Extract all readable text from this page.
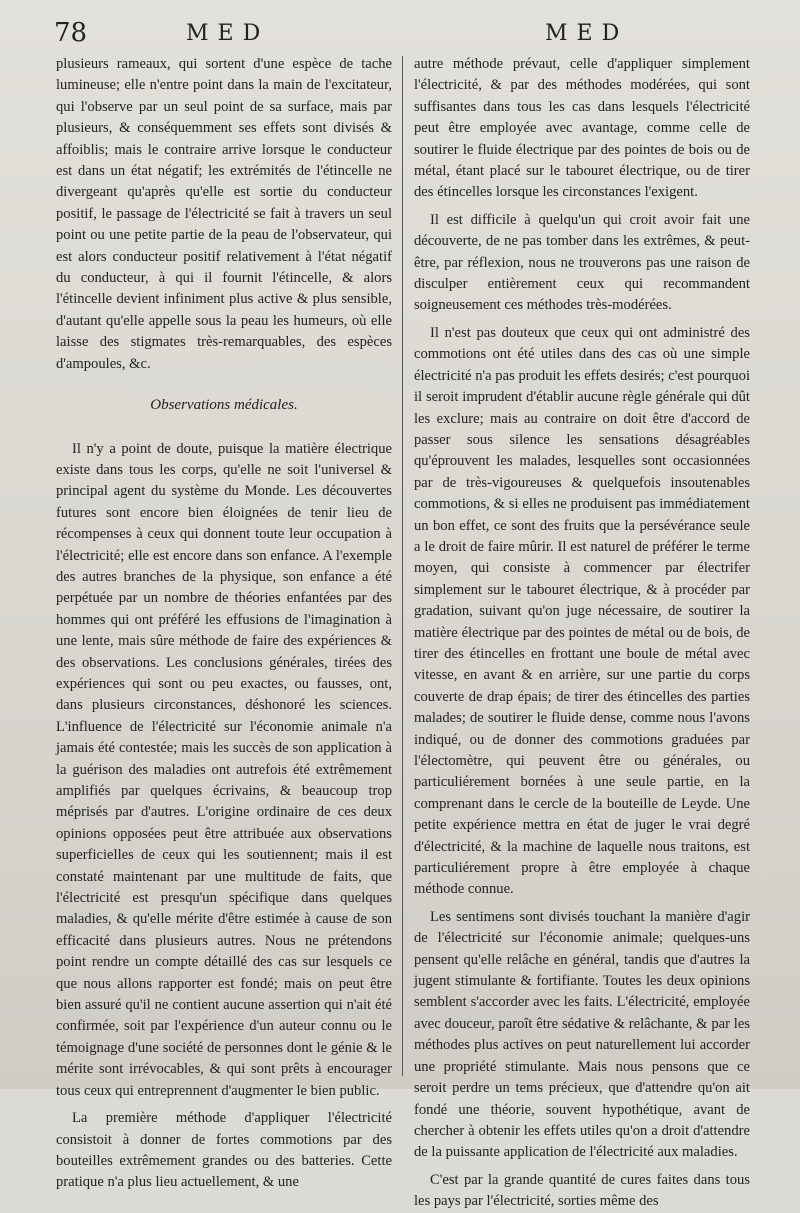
78	MED	MED

plusieurs rameaux, qui sortent d'une espèce de tache lumineuse; elle n'entre point dans la main de l'excitateur, qui l'observe par un seul point de sa surface, mais par plusieurs, & conséquemment ses effets sont divisés & affoiblis; mais le contraire arrive lorsque le conducteur est dans un état négatif; les extrémités de l'étincelle ne divergeant qu'après qu'elle est sortie du conducteur positif, le passage de l'électricité se fait à travers un seul point ou une petite partie de la peau de l'observateur, qui est alors conducteur positif relativement à l'état négatif du conducteur, à qui il fournit l'étincelle, & alors l'étincelle devient infiniment plus active & plus sensible, d'autant qu'elle appelle sous la peau les humeurs, où elle laisse des stigmates très-remarquables, des espèces d'ampoules, &c.

Observations médicales.

Il n'y a point de doute, puisque la matière électrique existe dans tous les corps, qu'elle ne soit l'universel & principal agent du système du Monde. Les découvertes futures sont encore bien éloignées de tenir lieu de récompenses à ceux qui donnent toute leur occupation à l'électricité; elle est encore dans son enfance. A l'exemple des autres branches de la physique, son enfance a été perpétuée par un nombre de théories enfantées par des hommes qui ont préféré les effusions de l'imagination à une lente, mais sûre méthode de faire des expériences & des observations. Les conclusions générales, tirées des expériences qui sont ou peu exactes, ou fausses, ont, dans plusieurs circonstances, déshonoré les sciences. L'influence de l'électricité sur l'économie animale n'a jamais été contestée; mais les succès de son application à la guérison des maladies ont autrefois été extrêmement amplifiés par quelques écrivains, & beaucoup trop méprisés par d'autres. L'origine ordinaire de ces deux opinions opposées peut être attribuée aux observations superficielles de ceux qui les soutiennent; mais il est constaté maintenant par une multitude de faits, que l'électricité est presqu'un spécifique dans quelques maladies, & qu'elle mérite d'être estimée à cause de son efficacité dans plusieurs autres. Nous ne prétendons point rendre un compte détaillé des cas sur lesquels ce que nous allons rapporter est fondé; mais on peut être bien assuré qu'il ne contient aucune assertion qui n'ait été confirmée, soit par l'expérience d'un auteur connu ou le témoignage d'une société de personnes dont le génie & le mérite sont irrévocables, & qui sont prêts à encourager tous ceux qui entreprennent d'augmenter le bien public.

La première méthode d'appliquer l'électricité consistoit à donner de fortes commotions par des bouteilles extrêmement grandes ou des batteries. Cette pratique n'a plus lieu actuellement, & une

autre méthode prévaut, celle d'appliquer simplement l'électricité, & par des méthodes modérées, qui sont suffisantes dans tous les cas dans lesquels l'électricité peut être employée avec avantage, comme celle de soutirer le fluide électrique par des pointes de bois ou de métal, étant placé sur le tabouret électrique, ou de tirer des étincelles lorsque les circonstances l'exigent.

Il est difficile à quelqu'un qui croit avoir fait une découverte, de ne pas tomber dans les extrêmes, & peut-être, par réflexion, nous ne trouverons pas une raison de disculper entièrement ceux qui recommandent soigneusement ces méthodes très-modérées.

Il n'est pas douteux que ceux qui ont administré des commotions ont été utiles dans des cas où une simple électricité n'a pas produit les effets desirés; c'est pourquoi il seroit imprudent d'établir aucune règle générale qui dût les exclure; mais au contraire on doit être d'accord de passer sous silence les sensations désagréables qu'éprouvent les malades, lesquelles sont occasionnées par de très-vigoureuses & quelquefois insoutenables commotions, & si elles ne produisent pas immédiatement un bon effet, ce sont des fruits que la persévérance seule a le droit de faire mûrir. Il est naturel de préférer le terme moyen, qui consiste à commencer par électrifer simplement sur le tabouret électrique, & à procéder par gradation, suivant qu'on juge nécessaire, de soutirer la matière électrique par des pointes de métal ou de bois, de tirer des étincelles en frottant une boule de métal avec vitesse, en avant & en arrière, sur une partie du corps couverte de drap épais; de tirer des étincelles des parties malades; de soutirer le fluide dense, comme nous l'avons indiqué, ou de donner des commotions graduées par l'électomètre, qui peuvent être ou générales, ou particuliérement bornées à une seule partie, en la comprenant dans le cercle de la bouteille de Leyde. Une petite expérience mettra en état de juger le vrai degré d'électricité, & la machine de laquelle nous traitons, est particuliérement propre à être employée à chaque méthode connue.

Les sentimens sont divisés touchant la manière d'agir de l'électricité sur l'économie animale; quelques-uns pensent qu'elle relâche en général, tandis que d'autres la jugent stimulante & fortifiante. Toutes les deux opinions semblent s'accorder avec les faits. L'électricité, employée avec douceur, paroît être sédative & relâchante, & par les méthodes plus actives on peut naturellement lui accorder une propriété stimulante. Mais nous pensons que ce seroit perdre un tems précieux, que d'attendre qu'on ait fondé une théorie, souvent hypothétique, avant de chercher à obtenir les effets utiles qu'on a droit d'attendre de la puissante application de l'électricité aux maladies.

C'est par la grande quantité de cures faites dans tous les pays par l'électricité, sorties même des
